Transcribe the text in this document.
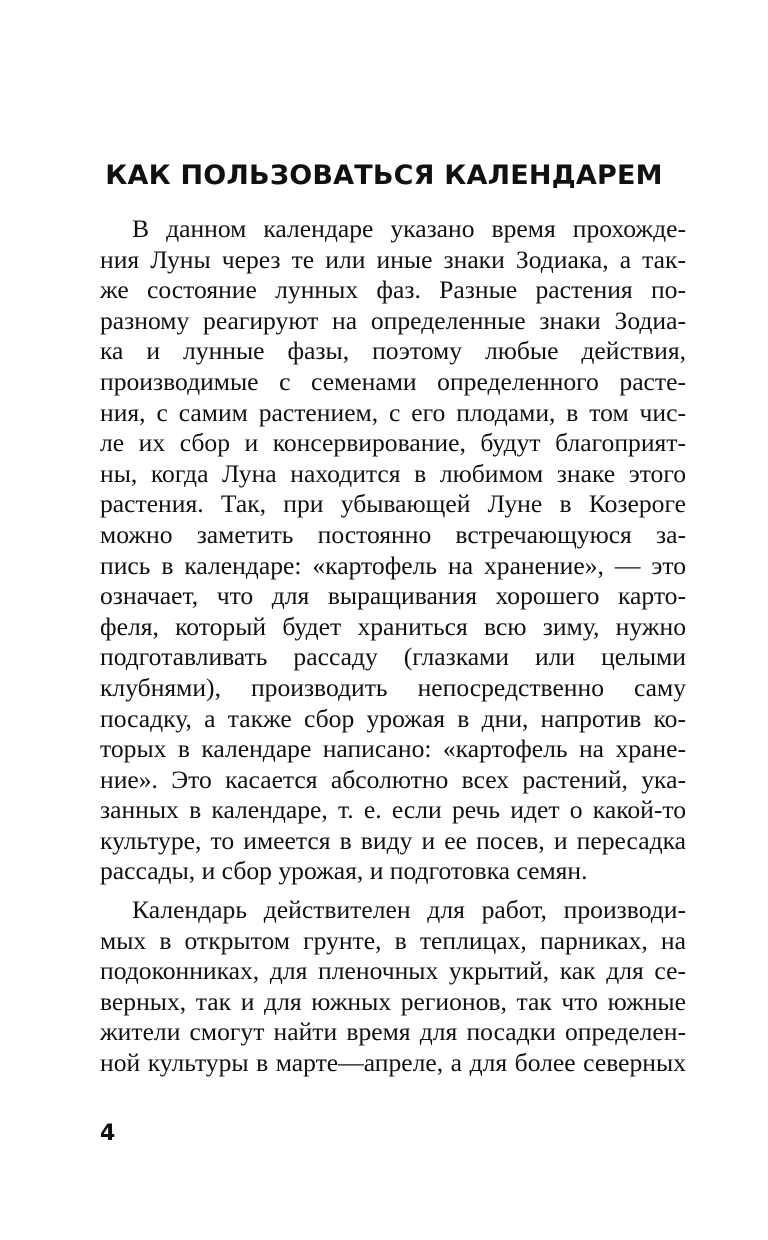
КАК ПОЛЬЗОВАТЬСЯ КАЛЕНДАРЕМ
В данном календаре указано время прохожде-
ния Луны через те или иные знаки Зодиака, а так-
же состояние лунных фаз. Разные растения по-
разному реагируют на определенные знаки Зодиа-
ка и лунные фазы, поэтому любые действия,
производимые с семенами определенного расте-
ния, с самим растением, с его плодами, в том чис-
ле их сбор и консервирование, будут благоприят-
ны, когда Луна находится в любимом знаке этого
растения. Так, при убывающей Луне в Козероге
можно заметить постоянно встречающуюся за-
пись в календаре: «картофель на хранение», — это
означает, что для выращивания хорошего карто-
феля, который будет храниться всю зиму, нужно
подготавливать рассаду (глазками или целыми
клубнями), производить непосредственно саму
посадку, а также сбор урожая в дни, напротив ко-
торых в календаре написано: «картофель на хране-
ние». Это касается абсолютно всех растений, ука-
занных в календаре, т. е. если речь идет о какой-то
культуре, то имеется в виду и ее посев, и пересадка
рассады, и сбор урожая, и подготовка семян.
Календарь действителен для работ, производи-
мых в открытом грунте, в теплицах, парниках, на
подоконниках, для пленочных укрытий, как для се-
верных, так и для южных регионов, так что южные
жители смогут найти время для посадки определен-
ной культуры в марте—апреле, а для более северных
4
